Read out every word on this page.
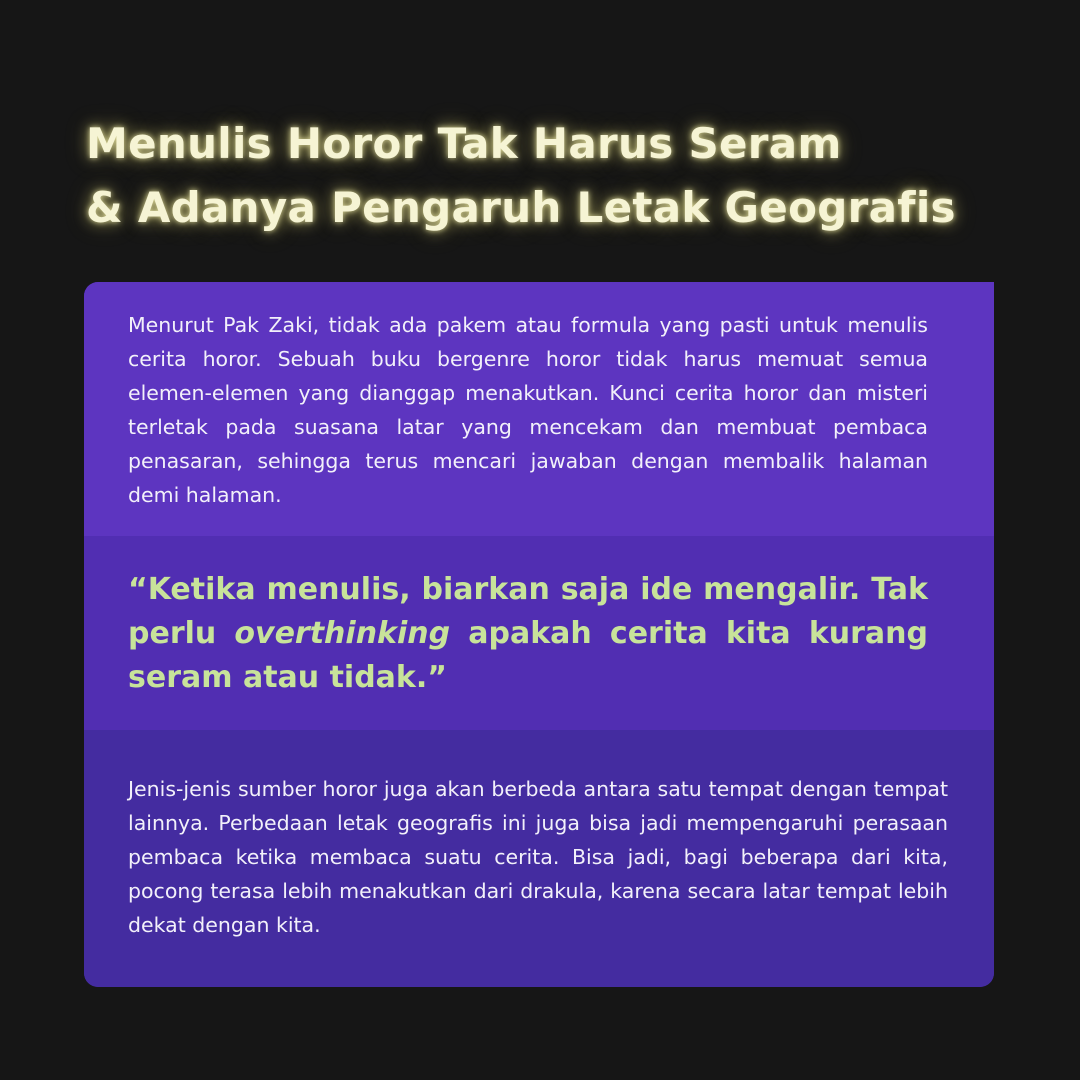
Menulis Horor Tak Harus Seram
& Adanya Pengaruh Letak Geografis

Menurut Pak Zaki, tidak ada pakem atau formula yang pasti untuk menulis cerita horor. Sebuah buku bergenre horor tidak harus memuat semua elemen-elemen yang dianggap menakutkan. Kunci cerita horor dan misteri terletak pada suasana latar yang mencekam dan membuat pembaca penasaran, sehingga terus mencari jawaban dengan membalik halaman demi halaman.

“Ketika menulis, biarkan saja ide mengalir. Tak perlu overthinking apakah cerita kita kurang seram atau tidak.”

Jenis-jenis sumber horor juga akan berbeda antara satu tempat dengan tempat lainnya. Perbedaan letak geografis ini juga bisa jadi mempengaruhi perasaan pembaca ketika membaca suatu cerita. Bisa jadi, bagi beberapa dari kita, pocong terasa lebih menakutkan dari drakula, karena secara latar tempat lebih dekat dengan kita.
